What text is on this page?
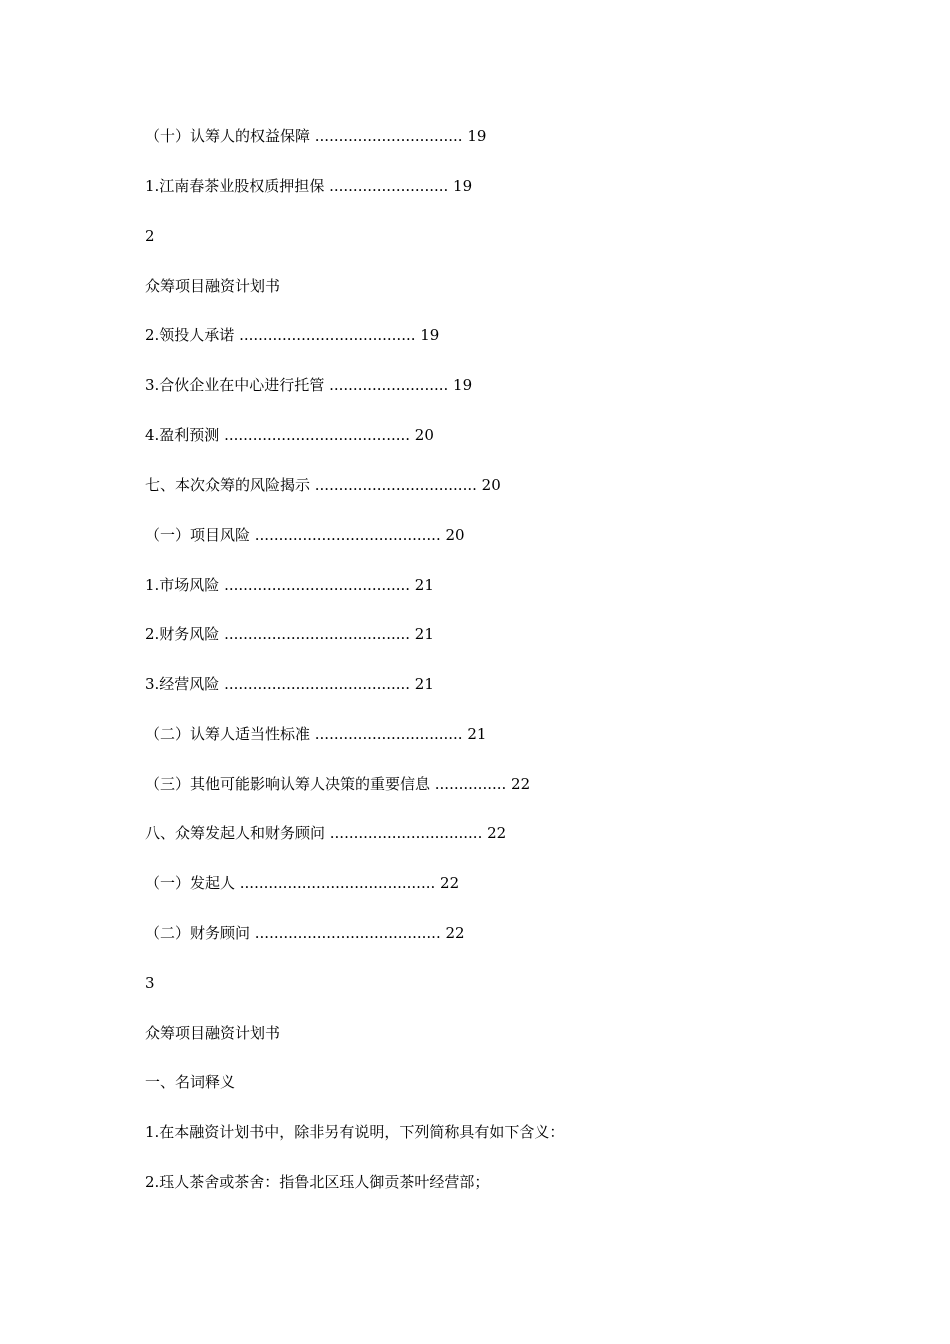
（十）认筹人的权益保障 ............................... 19
1.江南春茶业股权质押担保 ......................... 19
2
众筹项目融资计划书
2.领投人承诺 ..................................... 19
3.合伙企业在中心进行托管 ......................... 19
4.盈利预测 ....................................... 20
七、本次众筹的风险揭示 .................................. 20
（一）项目风险 ....................................... 20
1.市场风险 ....................................... 21
2.财务风险 ....................................... 21
3.经营风险 ....................................... 21
（二）认筹人适当性标准 ............................... 21
（三）其他可能影响认筹人决策的重要信息 ............... 22
八、众筹发起人和财务顾问 ................................ 22
（一）发起人 ......................................... 22
（二）财务顾问 ....................................... 22
3
众筹项目融资计划书
一、名词释义
1.在本融资计划书中，除非另有说明，下列简称具有如下含义：
2.珏人茶舍或茶舍：指鲁北区珏人御贡茶叶经营部；
